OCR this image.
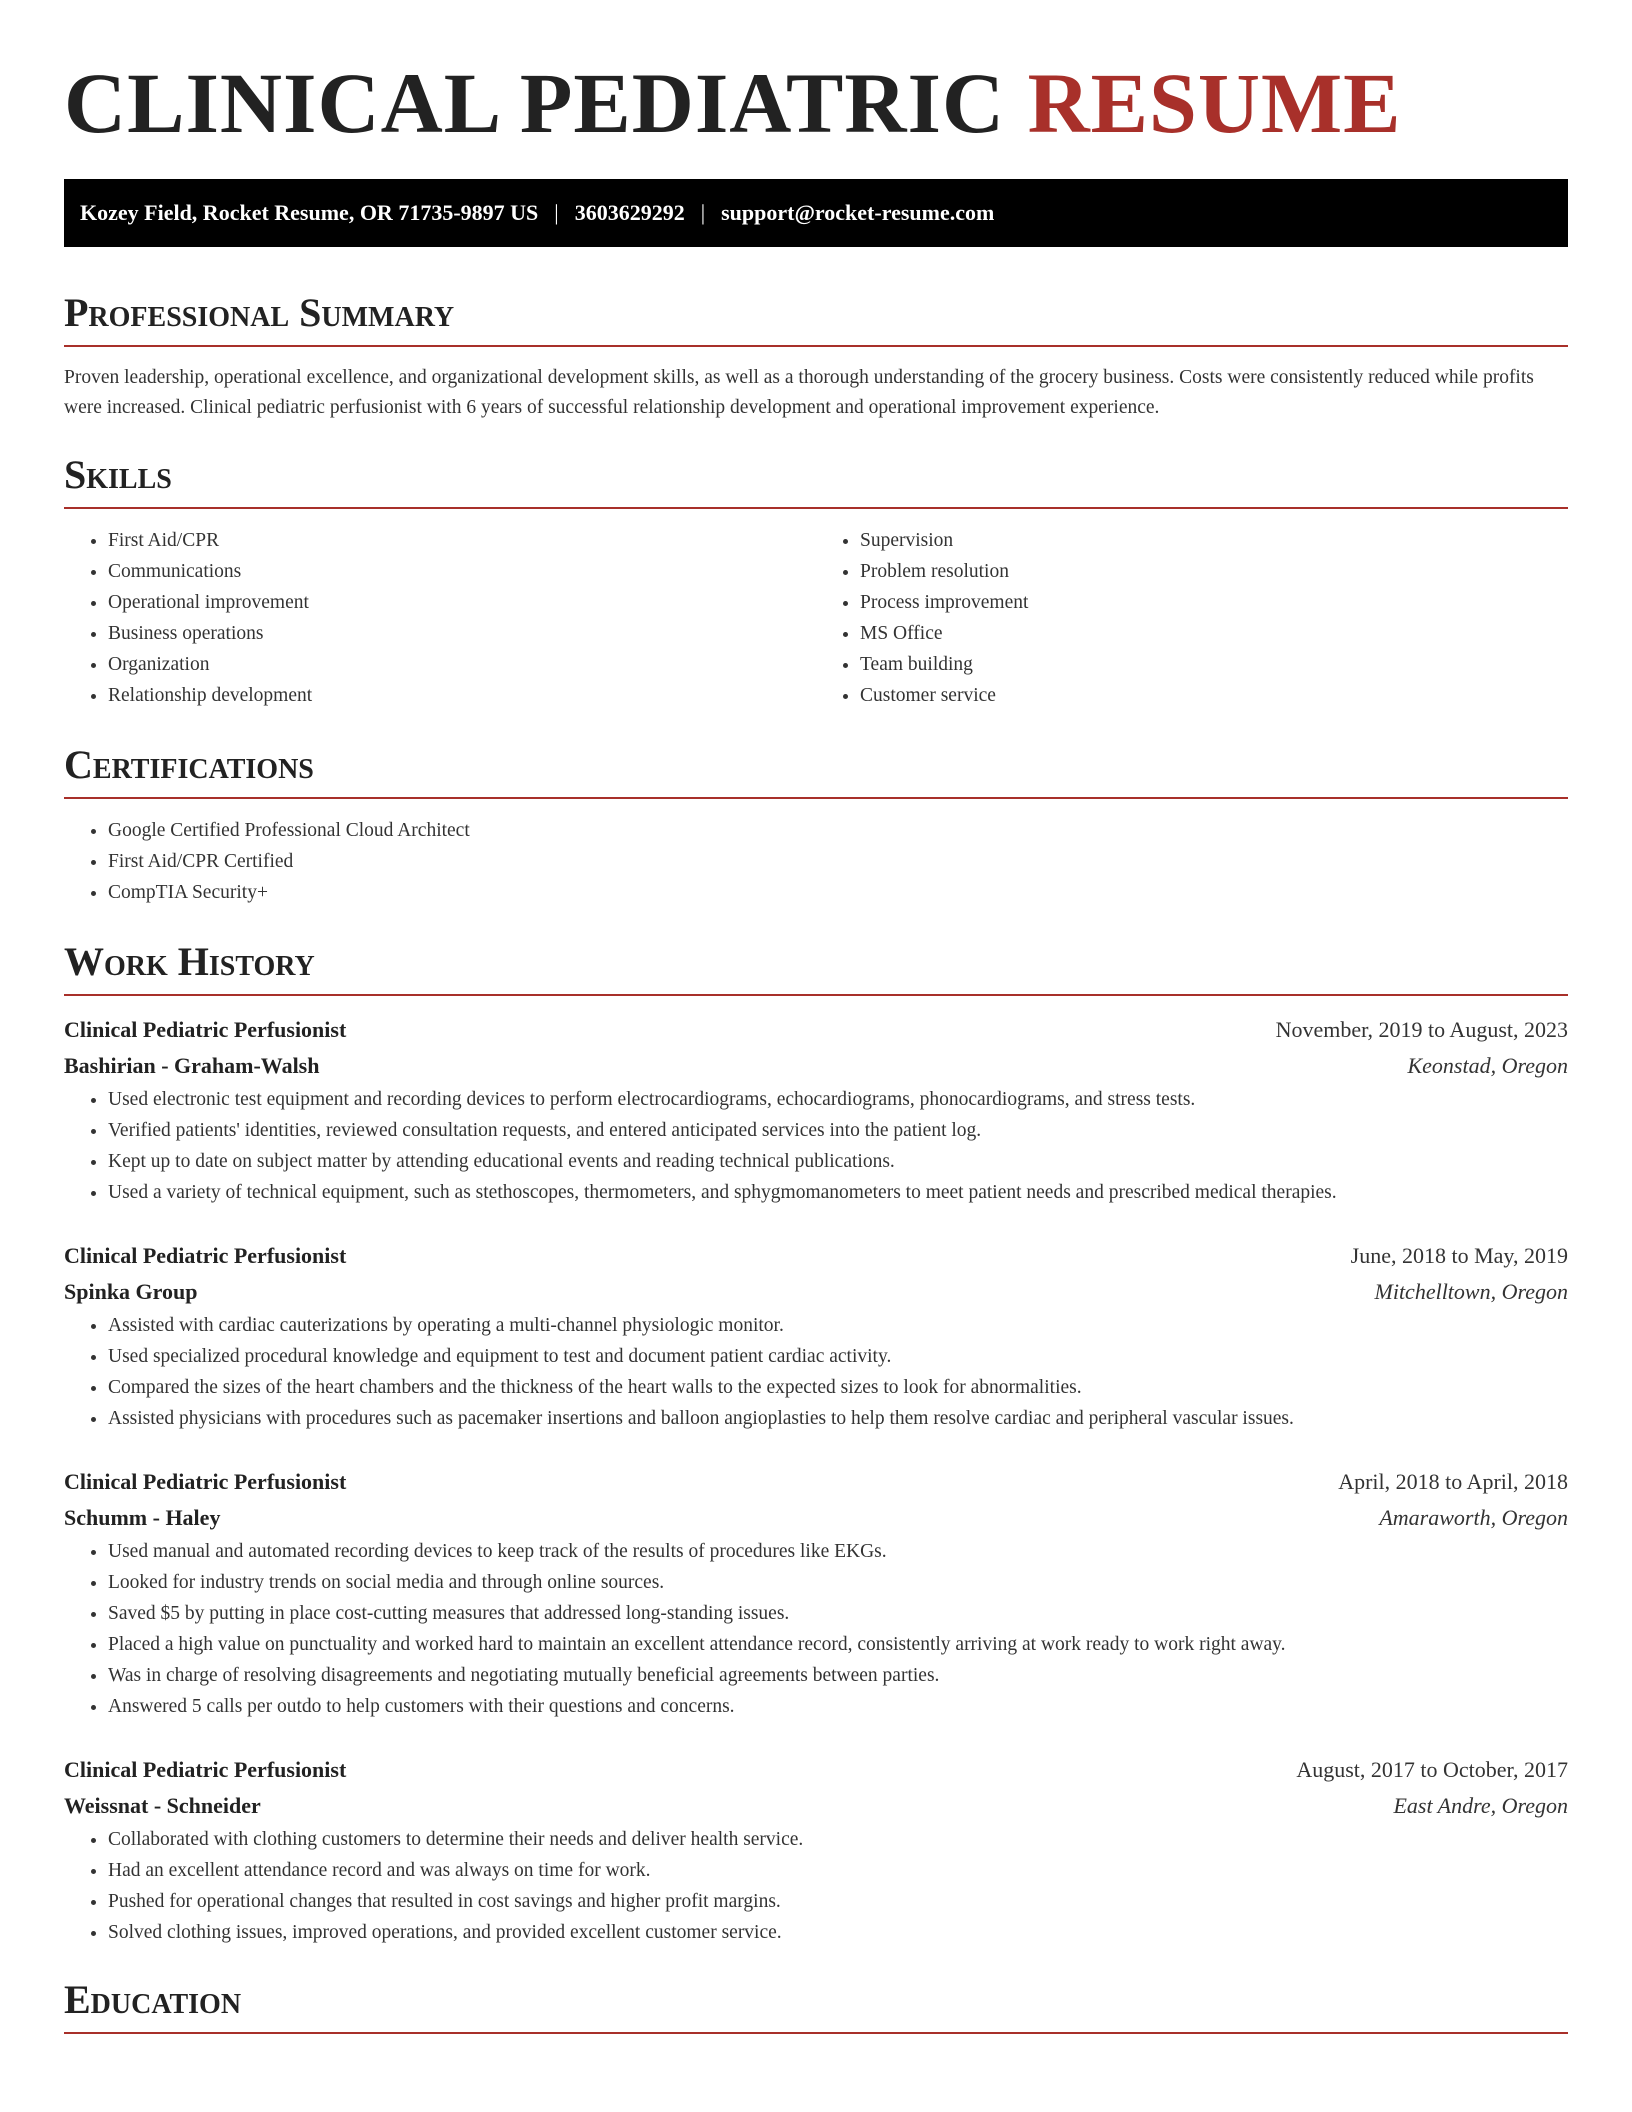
CLINICAL PEDIATRIC RESUME
Kozey Field, Rocket Resume, OR 71735-9897 US | 3603629292 | support@rocket-resume.com
Professional Summary

Proven leadership, operational excellence, and organizational development skills, as well as a thorough understanding of the grocery business. Costs were consistently reduced while profits were increased. Clinical pediatric perfusionist with 6 years of successful relationship development and operational improvement experience.

Skills
• First Aid/CPR
• Communications
• Operational improvement
• Business operations
• Organization
• Relationship development
• Supervision
• Problem resolution
• Process improvement
• MS Office
• Team building
• Customer service
Certifications
• Google Certified Professional Cloud Architect
• First Aid/CPR Certified
• CompTIA Security+
Work History
Clinical Pediatric Perfusionist	November, 2019 to August, 2023
Bashirian - Graham-Walsh	Keonstad, Oregon
• Used electronic test equipment and recording devices to perform electrocardiograms, echocardiograms, phonocardiograms, and stress tests.
• Verified patients' identities, reviewed consultation requests, and entered anticipated services into the patient log.
• Kept up to date on subject matter by attending educational events and reading technical publications.
• Used a variety of technical equipment, such as stethoscopes, thermometers, and sphygmomanometers to meet patient needs and prescribed medical therapies.
Clinical Pediatric Perfusionist	June, 2018 to May, 2019
Spinka Group	Mitchelltown, Oregon
• Assisted with cardiac cauterizations by operating a multi-channel physiologic monitor.
• Used specialized procedural knowledge and equipment to test and document patient cardiac activity.
• Compared the sizes of the heart chambers and the thickness of the heart walls to the expected sizes to look for abnormalities.
• Assisted physicians with procedures such as pacemaker insertions and balloon angioplasties to help them resolve cardiac and peripheral vascular issues.
Clinical Pediatric Perfusionist	April, 2018 to April, 2018
Schumm - Haley	Amaraworth, Oregon
• Used manual and automated recording devices to keep track of the results of procedures like EKGs.
• Looked for industry trends on social media and through online sources.
• Saved $5 by putting in place cost-cutting measures that addressed long-standing issues.
• Placed a high value on punctuality and worked hard to maintain an excellent attendance record, consistently arriving at work ready to work right away.
• Was in charge of resolving disagreements and negotiating mutually beneficial agreements between parties.
• Answered 5 calls per outdo to help customers with their questions and concerns.
Clinical Pediatric Perfusionist	August, 2017 to October, 2017
Weissnat - Schneider	East Andre, Oregon
• Collaborated with clothing customers to determine their needs and deliver health service.
• Had an excellent attendance record and was always on time for work.
• Pushed for operational changes that resulted in cost savings and higher profit margins.
• Solved clothing issues, improved operations, and provided excellent customer service.
Education
